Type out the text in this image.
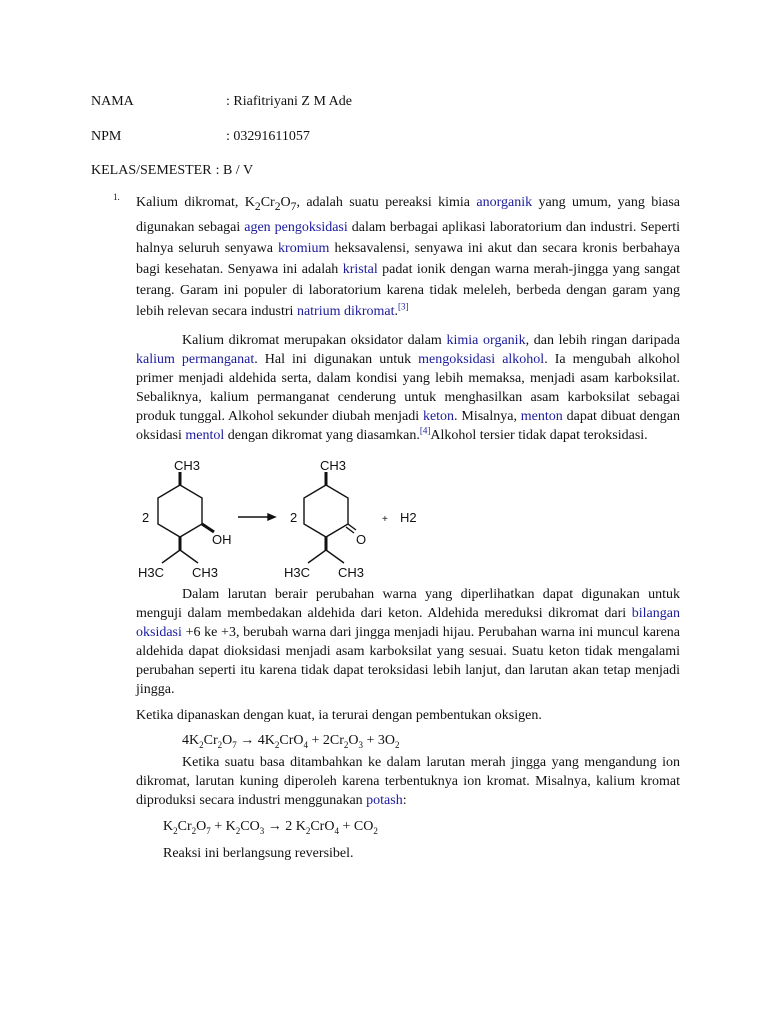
NAMA	: Riafitriyani Z M Ade
NPM	: 03291611057
KELAS/SEMESTER : B / V
1. Kalium dikromat, $K_2Cr_2O_7$, adalah suatu pereaksi kimia anorganik yang umum, yang biasa digunakan sebagai agen pengoksidasi dalam berbagai aplikasi laboratorium dan industri. Seperti halnya seluruh senyawa kromium heksavalensi, senyawa ini akut dan secara kronis berbahaya bagi kesehatan. Senyawa ini adalah kristal padat ionik dengan warna merah-jingga yang sangat terang. Garam ini populer di laboratorium karena tidak meleleh, berbeda dengan garam yang lebih relevan secara industri natrium dikromat.[3]
Kalium dikromat merupakan oksidator dalam kimia organik, dan lebih ringan daripada kalium permanganat. Hal ini digunakan untuk mengoksidasi alkohol. Ia mengubah alkohol primer menjadi aldehida serta, dalam kondisi yang lebih memaksa, menjadi asam karboksilat. Sebaliknya, kalium permanganat cenderung untuk menghasilkan asam karboksilat sebagai produk tunggal. Alkohol sekunder diubah menjadi keton. Misalnya, menton dapat dibuat dengan oksidasi mentol dengan dikromat yang diasamkan.[4]Alkohol tersier tidak dapat teroksidasi.
CH3	CH3
2	2
OH	O
H3C CH3	H3C CH3
+ H2
Dalam larutan berair perubahan warna yang diperlihatkan dapat digunakan untuk menguji dalam membedakan aldehida dari keton. Aldehida mereduksi dikromat dari bilangan oksidasi +6 ke +3, berubah warna dari jingga menjadi hijau. Perubahan warna ini muncul karena aldehida dapat dioksidasi menjadi asam karboksilat yang sesuai. Suatu keton tidak mengalami perubahan seperti itu karena tidak dapat teroksidasi lebih lanjut, dan larutan akan tetap menjadi jingga.
Ketika dipanaskan dengan kuat, ia terurai dengan pembentukan oksigen.
$4K_2Cr_2O_7 \to 4K_2CrO_4 + 2Cr_2O_3 + 3O_2$
Ketika suatu basa ditambahkan ke dalam larutan merah jingga yang mengandung ion dikromat, larutan kuning diperoleh karena terbentuknya ion kromat. Misalnya, kalium kromat diproduksi secara industri menggunakan potash:
$K_2Cr_2O_7 + K_2CO_3 \to 2$ $K_2CrO_4 + CO_2$
Reaksi ini berlangsung reversibel.
